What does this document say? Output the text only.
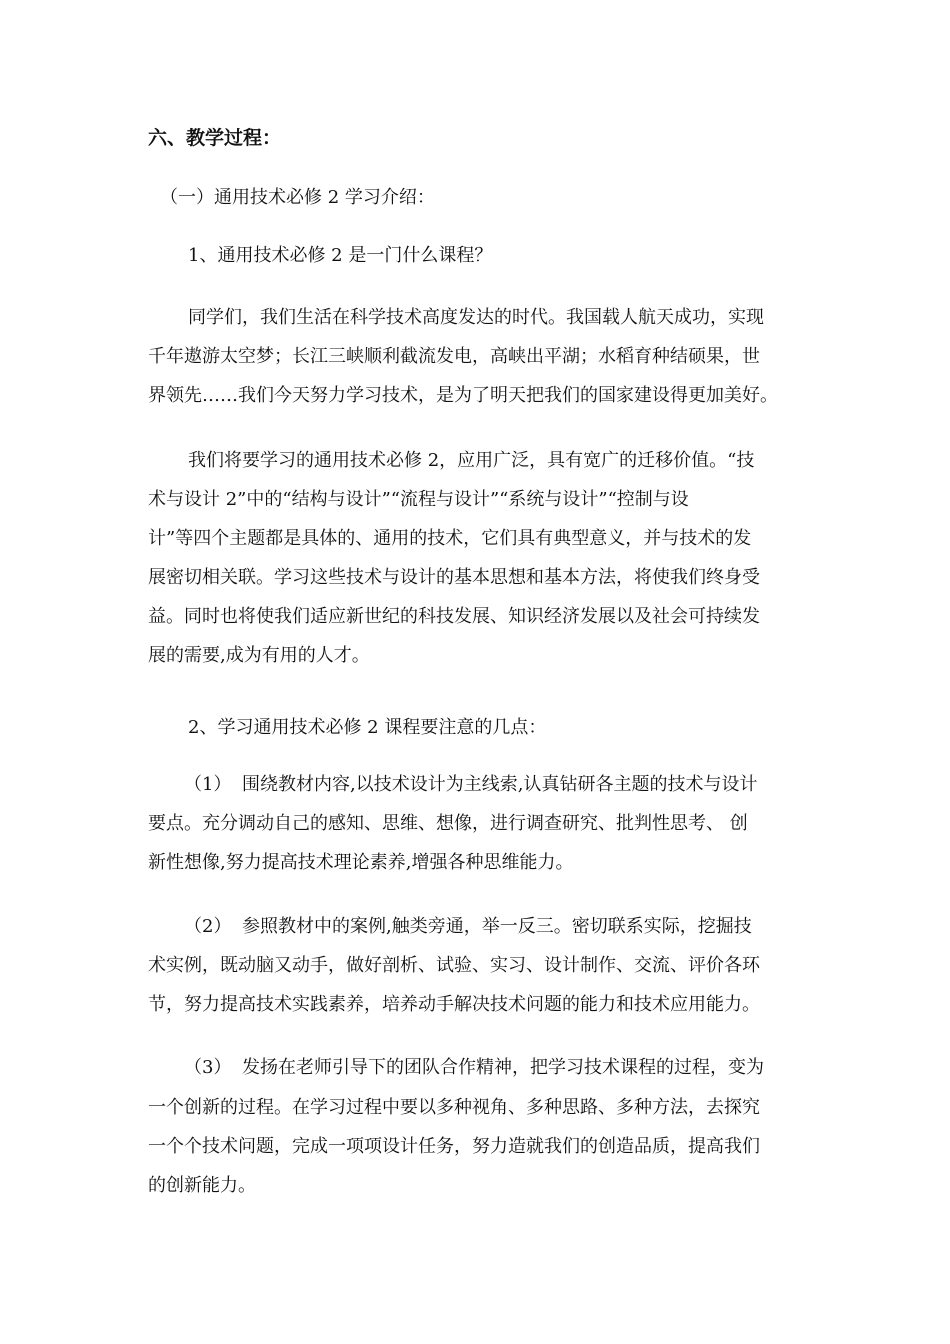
六、教学过程：
（一）通用技术必修 2 学习介绍：
1、通用技术必修 2 是一门什么课程？
同学们，我们生活在科学技术高度发达的时代。我国载人航天成功，实现
千年遨游太空梦；长江三峡顺利截流发电，高峡出平湖；水稻育种结硕果，世
界领先……我们今天努力学习技术，是为了明天把我们的国家建设得更加美好。
我们将要学习的通用技术必修 2，应用广泛，具有宽广的迁移价值。“技
术与设计 2”中的“结构与设计”“流程与设计”“系统与设计”“控制与设
计”等四个主题都是具体的、通用的技术，它们具有典型意义，并与技术的发
展密切相关联。学习这些技术与设计的基本思想和基本方法，将使我们终身受
益。同时也将使我们适应新世纪的科技发展、知识经济发展以及社会可持续发
展的需要,成为有用的人才。
2、学习通用技术必修 2 课程要注意的几点：
（1） 围绕教材内容,以技术设计为主线索,认真钻研各主题的技术与设计
要点。充分调动自己的感知、思维、想像，进行调查研究、批判性思考、 创
新性想像,努力提高技术理论素养,增强各种思维能力。
（2） 参照教材中的案例,触类旁通，举一反三。密切联系实际，挖掘技
术实例，既动脑又动手，做好剖析、试验、实习、设计制作、交流、评价各环
节，努力提高技术实践素养，培养动手解决技术问题的能力和技术应用能力。
（3） 发扬在老师引导下的团队合作精神，把学习技术课程的过程，变为
一个创新的过程。在学习过程中要以多种视角、多种思路、多种方法，去探究
一个个技术问题，完成一项项设计任务，努力造就我们的创造品质，提高我们
的创新能力。
